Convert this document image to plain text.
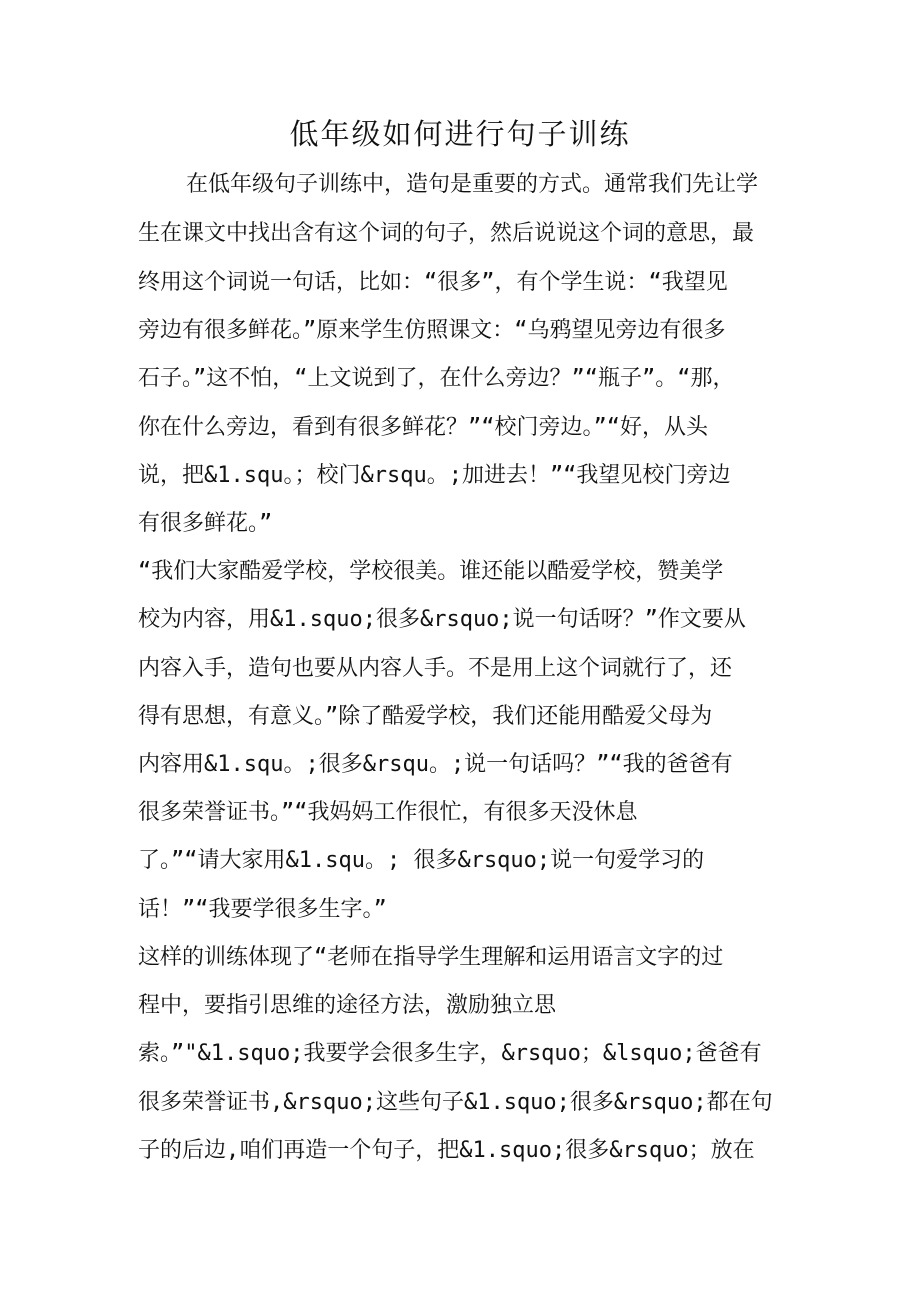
低年级如何进行句子训练
在低年级句子训练中，造句是重要的方式。通常我们先让学
生在课文中找出含有这个词的句子，然后说说这个词的意思，最
终用这个词说一句话，比如：“很多”，有个学生说：“我望见
旁边有很多鲜花。”原来学生仿照课文：“乌鸦望见旁边有很多
石子。”这不怕，“上文说到了，在什么旁边？”“瓶子”。“那，
你在什么旁边，看到有很多鲜花？”“校门旁边。”“好，从头
说，把&1.squ。；校门&rsqu。;加进去！”“我望见校门旁边
有很多鲜花。”
“我们大家酷爱学校，学校很美。谁还能以酷爱学校，赞美学
校为内容，用&1.squo;很多&rsquo;说一句话呀？”作文要从
内容入手，造句也要从内容人手。不是用上这个词就行了，还
得有思想，有意义。”除了酷爱学校，我们还能用酷爱父母为
内容用&1.squ。;很多&rsqu。;说一句话吗？”“我的爸爸有
很多荣誉证书。”“我妈妈工作很忙，有很多天没休息
了。”“请大家用&1.squ。; 很多&rsquo;说一句爱学习的
话！”“我要学很多生字。”
这样的训练体现了“老师在指导学生理解和运用语言文字的过
程中，要指引思维的途径方法，激励独立思
索。”"&1.squo;我要学会很多生字，&rsquo；&lsquo;爸爸有
很多荣誉证书,&rsquo;这些句子&1.squo;很多&rsquo;都在句
子的后边,咱们再造一个句子，把&1.squo;很多&rsquo；放在
